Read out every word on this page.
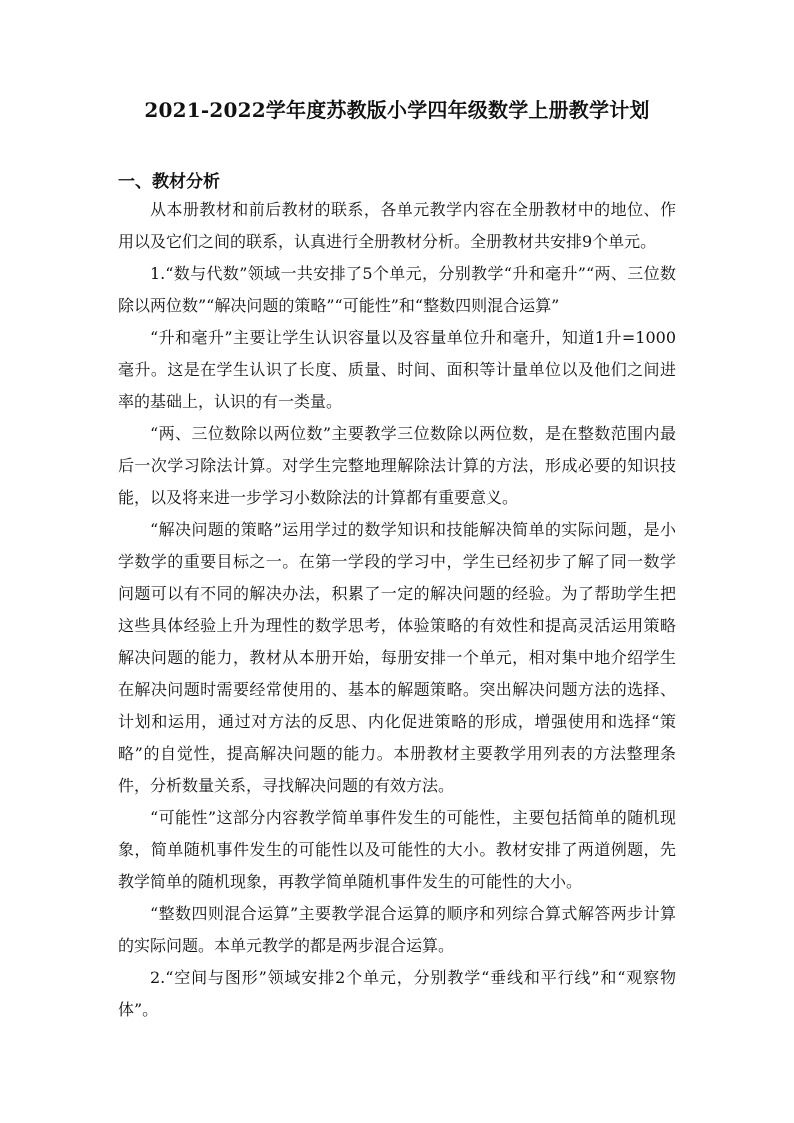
2021-2022学年度苏教版小学四年级数学上册教学计划
一、教材分析

从本册教材和前后教材的联系，各单元教学内容在全册教材中的地位、作用以及它们之间的联系，认真进行全册教材分析。全册教材共安排9个单元。

1.“数与代数”领域一共安排了5个单元，分别教学“升和毫升”“两、三位数除以两位数”“解决问题的策略”“可能性”和“整数四则混合运算”

“升和毫升”主要让学生认识容量以及容量单位升和毫升，知道1升=1000毫升。这是在学生认识了长度、质量、时间、面积等计量单位以及他们之间进率的基础上，认识的有一类量。

“两、三位数除以两位数”主要教学三位数除以两位数，是在整数范围内最后一次学习除法计算。对学生完整地理解除法计算的方法，形成必要的知识技能，以及将来进一步学习小数除法的计算都有重要意义。

“解决问题的策略”运用学过的数学知识和技能解决简单的实际问题，是小学数学的重要目标之一。在第一学段的学习中，学生已经初步了解了同一数学问题可以有不同的解决办法，积累了一定的解决问题的经验。为了帮助学生把这些具体经验上升为理性的数学思考，体验策略的有效性和提高灵活运用策略解决问题的能力，教材从本册开始，每册安排一个单元，相对集中地介绍学生在解决问题时需要经常使用的、基本的解题策略。突出解决问题方法的选择、计划和运用，通过对方法的反思、内化促进策略的形成，增强使用和选择“策略”的自觉性，提高解决问题的能力。本册教材主要教学用列表的方法整理条件，分析数量关系，寻找解决问题的有效方法。

“可能性”这部分内容教学简单事件发生的可能性，主要包括简单的随机现象，简单随机事件发生的可能性以及可能性的大小。教材安排了两道例题，先教学简单的随机现象，再教学简单随机事件发生的可能性的大小。

“整数四则混合运算”主要教学混合运算的顺序和列综合算式解答两步计算的实际问题。本单元教学的都是两步混合运算。

2.“空间与图形”领域安排2个单元，分别教学“垂线和平行线”和“观察物体”。
